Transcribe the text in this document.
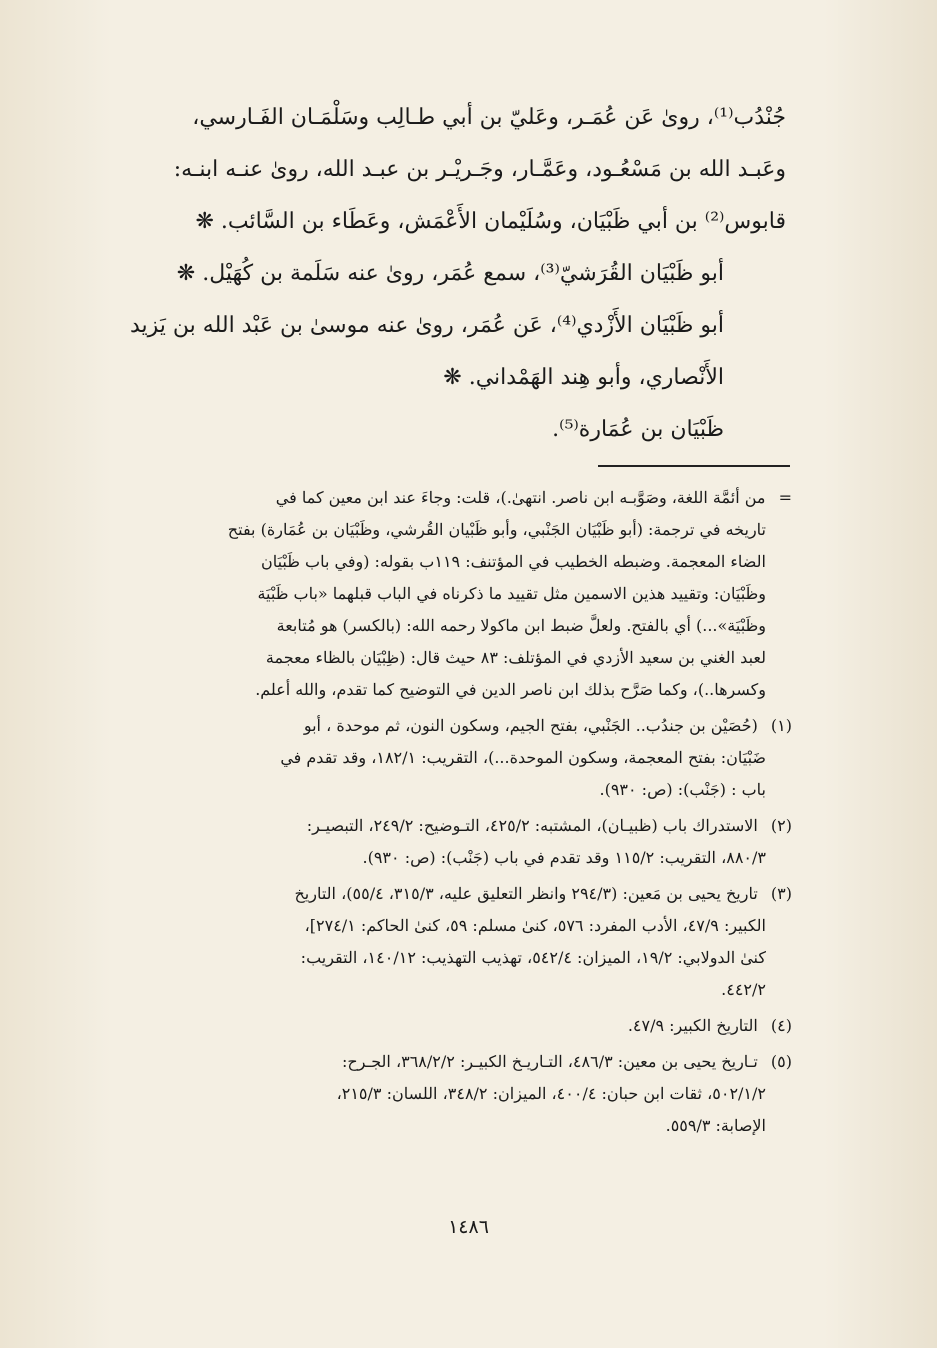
جُنْدُب⁽¹⁾، روىٰ عَن عُمَـر، وعَليّ بن أبي طـالِب وسَلْمَـان الفَـارسي،
وعَبـد الله بن مَسْعُـود، وعَمَّـار، وجَـريْـر بن عبـد الله، روىٰ عنـه ابنـه:
قابوس⁽²⁾ بن أبي ظَبْيَان، وسُلَيْمان الأَعْمَش، وعَطَاء بن السَّائب. ❋

أبو ظَبْيَان القُرَشيّ⁽³⁾، سمع عُمَر، روىٰ عنه سَلَمة بن كُهَيْل. ❋

أبو ظَبْيَان الأَزْدي⁽⁴⁾، عَن عُمَر، روىٰ عنه موسىٰ بن عَبْد الله بن يَزيد
الأَنْصاري، وأبو هِند الهَمْداني. ❋

ظَبْيَان بن عُمَارة⁽⁵⁾.

= من أئمَّة اللغة، وصَوَّبـه ابن ناصر. انتهىٰ.)، قلت: وجاءَ عند ابن معين كما في
تاريخه في ترجمة: (أبو ظَبْيَان الجَنْبي، وأبو ظَبْيان القُرشي، وظَبْيَان بن عُمَارة) بفتح
الضاء المعجمة. وضبطه الخطيب في المؤتنف: ١١٩ب بقوله: (وفي باب ظَبْيَان
وظَبْيَان: وتقييد هذين الاسمين مثل تقييد ما ذكرناه في الباب قبلهما «باب ظَبْيَة
وظَبْيَة»...) أي بالفتح. ولعلَّ ضبط ابن ماكولا رحمه الله: (بالكسر) هو مُتابعة
لعبد الغني بن سعيد الأزدي في المؤتلف: ٨٣ حيث قال: (ظِبْيَان بالظاء معجمة
وكسرها..)، وكما صَرَّح بذلك ابن ناصر الدين في التوضيح كما تقدم، والله أعلم.
(١) (حُصَيْن بن جندُب.. الجَنْبي، بفتح الجيم، وسكون النون، ثم موحدة ، أبو
ضَبْيَان: بفتح المعجمة، وسكون الموحدة...)، التقريب: ١٨٢/١، وقد تقدم في
باب : (جَنْب): (ص: ٩٣٠).
(٢) الاستدراك باب (ظبيـان)، المشتبه: ٤٢٥/٢، التـوضيح: ٢٤٩/٢، التبصيـر:
٨٨٠/٣، التقريب: ١١٥/٢ وقد تقدم في باب (جَنْب): (ص: ٩٣٠).
(٣) تاريخ يحيى بن مَعين: (٢٩٤/٣ وانظر التعليق عليه، ٣١٥/٣، ٥٥/٤)، التاريخ
الكبير: ٤٧/٩، الأدب المفرد: ٥٧٦، كنىٰ مسلم: ٥٩، كنىٰ الحاكم: ٢٧٤/١]،
كنىٰ الدولابي: ١٩/٢، الميزان: ٥٤٢/٤، تهذيب التهذيب: ١٤٠/١٢، التقريب:
٤٤٢/٢.
(٤) التاريخ الكبير: ٤٧/٩.
(٥) تـاريخ يحيى بن معين: ٤٨٦/٣، التـاريـخ الكبيـر: ٣٦٨/٢/٢، الجـرح:
٥٠٢/١/٢، ثقات ابن حبان: ٤٠٠/٤، الميزان: ٣٤٨/٢، اللسان: ٢١٥/٣،
الإصابة: ٥٥٩/٣.
١٤٨٦
